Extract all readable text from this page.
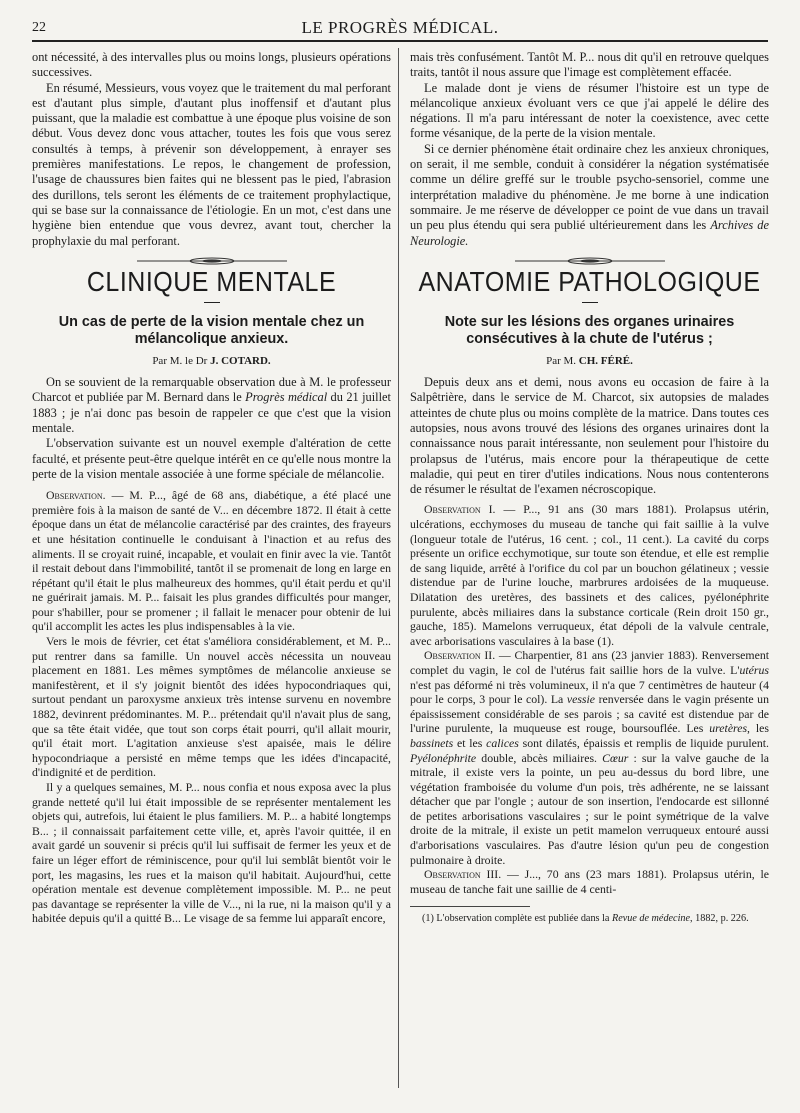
22	LE PROGRÈS MÉDICAL.

ont nécessité, à des intervalles plus ou moins longs, plusieurs opérations successives.

En résumé, Messieurs, vous voyez que le traitement du mal perforant est d'autant plus simple, d'autant plus inoffensif et d'autant plus puissant, que la maladie est combattue à une époque plus voisine de son début. Vous devez donc vous attacher, toutes les fois que vous serez consultés à temps, à prévenir son développement, à enrayer ses premières manifestations. Le repos, le changement de profession, l'usage de chaussures bien faites qui ne blessent pas le pied, l'abrasion des durillons, tels seront les éléments de ce traitement prophylactique, qui se base sur la connaissance de l'étiologie. En un mot, c'est dans une hygiène bien entendue que vous devrez, avant tout, chercher la prophylaxie du mal perforant.

CLINIQUE MENTALE
Un cas de perte de la vision mentale chez un mélancolique anxieux.
Par M. le Dr J. COTARD.

On se souvient de la remarquable observation due à M. le professeur Charcot et publiée par M. Bernard dans le Progrès médical du 21 juillet 1883 ; je n'ai donc pas besoin de rappeler ce que c'est que la vision mentale.

L'observation suivante est un nouvel exemple d'altération de cette faculté, et présente peut-être quelque intérêt en ce qu'elle nous montre la perte de la vision mentale associée à une forme spéciale de mélancolie.

Observation. — M. P..., âgé de 68 ans, diabétique, a été placé une première fois à la maison de santé de V... en décembre 1872. Il était à cette époque dans un état de mélancolie caractérisé par des craintes, des frayeurs et une hésitation continuelle le conduisant à l'inaction et au refus des aliments. Il se croyait ruiné, incapable, et voulait en finir avec la vie. Tantôt il restait debout dans l'immobilité, tantôt il se promenait de long en large en répétant qu'il était le plus malheureux des hommes, qu'il était perdu et qu'il ne guérirait jamais. M. P... faisait les plus grandes difficultés pour manger, pour s'habiller, pour se promener ; il fallait le menacer pour obtenir de lui qu'il accomplit les actes les plus indispensables à la vie.

Vers le mois de février, cet état s'améliora considérablement, et M. P... put rentrer dans sa famille. Un nouvel accès nécessita un nouveau placement en 1881. Les mêmes symptômes de mélancolie anxieuse se manifestèrent, et il s'y joignit bientôt des idées hypocondriaques qui, surtout pendant un paroxysme anxieux très intense survenu en novembre 1882, devinrent prédominantes. M. P... prétendait qu'il n'avait plus de sang, que sa tête était vidée, que tout son corps était pourri, qu'il allait mourir, qu'il était mort. L'agitation anxieuse s'est apaisée, mais le délire hypocondriaque a persisté en même temps que les idées d'incapacité, d'indignité et de perdition.

Il y a quelques semaines, M. P... nous confia et nous exposa avec la plus grande netteté qu'il lui était impossible de se représenter mentalement les objets qui, autrefois, lui étaient le plus familiers. M. P... a habité longtemps B... ; il connaissait parfaitement cette ville, et, après l'avoir quittée, il en avait gardé un souvenir si précis qu'il lui suffisait de fermer les yeux et de faire un léger effort de réminiscence, pour qu'il lui semblât bientôt voir le port, les magasins, les rues et la maison qu'il habitait. Aujourd'hui, cette opération mentale est devenue complètement impossible. M. P... ne peut pas davantage se représenter la ville de V..., ni la rue, ni la maison qu'il y a habitée depuis qu'il a quitté B... Le visage de sa femme lui apparaît encore,

mais très confusément. Tantôt M. P... nous dit qu'il en retrouve quelques traits, tantôt il nous assure que l'image est complètement effacée.

Le malade dont je viens de résumer l'histoire est un type de mélancolique anxieux évoluant vers ce que j'ai appelé le délire des négations. Il m'a paru intéressant de noter la coexistence, avec cette forme vésanique, de la perte de la vision mentale.

Si ce dernier phénomène était ordinaire chez les anxieux chroniques, on serait, il me semble, conduit à considérer la négation systématisée comme un délire greffé sur le trouble psycho-sensoriel, comme une interprétation maladive du phénomène. Je me borne à une indication sommaire. Je me réserve de développer ce point de vue dans un travail un peu plus étendu qui sera publié ultérieurement dans les Archives de Neurologie.

ANATOMIE PATHOLOGIQUE
Note sur les lésions des organes urinaires consécutives à la chute de l'utérus ;
Par M. CH. FÉRÉ.

Depuis deux ans et demi, nous avons eu occasion de faire à la Salpêtrière, dans le service de M. Charcot, six autopsies de malades atteintes de chute plus ou moins complète de la matrice. Dans toutes ces autopsies, nous avons trouvé des lésions des organes urinaires dont la connaissance nous parait intéressante, non seulement pour l'histoire du prolapsus de l'utérus, mais encore pour la thérapeutique de cette maladie, qui peut en tirer d'utiles indications. Nous nous contenterons de résumer le résultat de l'examen nécroscopique.

Observation I. — P..., 91 ans (30 mars 1881). Prolapsus utérin, ulcérations, ecchymoses du museau de tanche qui fait saillie à la vulve (longueur totale de l'utérus, 16 cent. ; col., 11 cent.). La cavité du corps présente un orifice ecchymotique, sur toute son étendue, et elle est remplie de sang liquide, arrêté à l'orifice du col par un bouchon gélatineux ; vessie distendue par de l'urine louche, marbrures ardoisées de la muqueuse. Dilatation des uretères, des bassinets et des calices, pyélonéphrite purulente, abcès miliaires dans la substance corticale (Rein droit 150 gr., gauche, 185). Mamelons verruqueux, état dépoli de la valvule centrale, avec arborisations vasculaires à la base (1).

Observation II. — Charpentier, 81 ans (23 janvier 1883). Renversement complet du vagin, le col de l'utérus fait saillie hors de la vulve. L'utérus n'est pas déformé ni très volumineux, il n'a que 7 centimètres de hauteur (4 pour le corps, 3 pour le col). La vessie renversée dans le vagin présente un épaississement considérable de ses parois ; sa cavité est distendue par de l'urine purulente, la muqueuse est rouge, boursouflée. Les uretères, les bassinets et les calices sont dilatés, épaissis et remplis de liquide purulent. Pyélonéphrite double, abcès miliaires. Cœur : sur la valve gauche de la mitrale, il existe vers la pointe, un peu au-dessus du bord libre, une végétation framboisée du volume d'un pois, très adhérente, ne se laissant détacher que par l'ongle ; autour de son insertion, l'endocarde est sillonné de petites arborisations vasculaires ; sur le point symétrique de la valve droite de la mitrale, il existe un petit mamelon verruqueux entouré aussi d'arborisations vasculaires. Pas d'autre lésion qu'un peu de congestion pulmonaire à droite.

Observation III. — J..., 70 ans (23 mars 1881). Prolapsus utérin, le museau de tanche fait une saillie de 4 centi-

(1) L'observation complète est publiée dans la Revue de médecine, 1882, p. 226.
